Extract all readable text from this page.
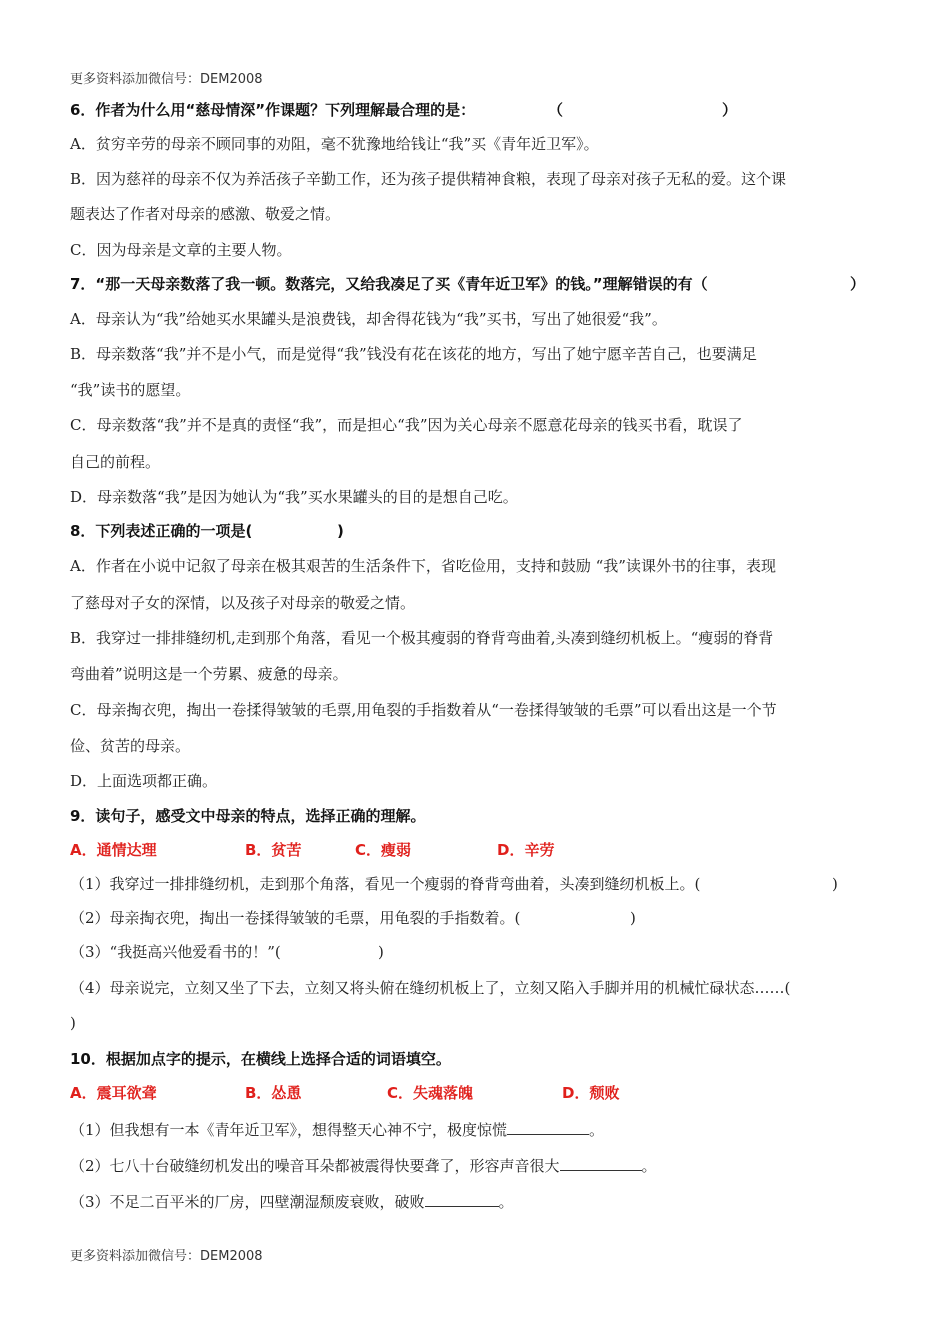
更多资料添加微信号：DEM2008
6．作者为什么用“慈母情深”作课题？下列理解最合理的是：	（	）
A．贫穷辛劳的母亲不顾同事的劝阻，毫不犹豫地给钱让“我”买《青年近卫军》。
B．因为慈祥的母亲不仅为养活孩子辛勤工作，还为孩子提供精神食粮，表现了母亲对孩子无私的爱。这个课
题表达了作者对母亲的感激、敬爱之情。
C．因为母亲是文章的主要人物。
7．“那一天母亲数落了我一顿。数落完，又给我凑足了买《青年近卫军》的钱。”理解错误的有（	）
A．母亲认为“我”给她买水果罐头是浪费钱，却舍得花钱为“我”买书，写出了她很爱“我”。
B．母亲数落“我”并不是小气，而是觉得“我”钱没有花在该花的地方，写出了她宁愿辛苦自己，也要满足
“我”读书的愿望。
C．母亲数落“我”并不是真的责怪“我”，而是担心“我”因为关心母亲不愿意花母亲的钱买书看，耽误了
自己的前程。
D．母亲数落“我”是因为她认为“我”买水果罐头的目的是想自己吃。
8．下列表述正确的一项是(	)
A．作者在小说中记叙了母亲在极其艰苦的生活条件下，省吃俭用，支持和鼓励 “我”读课外书的往事，表现
了慈母对子女的深情，以及孩子对母亲的敬爱之情。
B．我穿过一排排缝纫机,走到那个角落，看见一个极其瘦弱的脊背弯曲着,头凑到缝纫机板上。“瘦弱的脊背
弯曲着”说明这是一个劳累、疲惫的母亲。
C．母亲掏衣兜，掏出一卷揉得皱皱的毛票,用龟裂的手指数着从“一卷揉得皱皱的毛票”可以看出这是一个节
俭、贫苦的母亲。
D．上面选项都正确。
9．读句子，感受文中母亲的特点，选择正确的理解。
A．通情达理	B．贫苦	C．瘦弱	D．辛劳
（1）我穿过一排排缝纫机，走到那个角落，看见一个瘦弱的脊背弯曲着，头凑到缝纫机板上。(	)
（2）母亲掏衣兜，掏出一卷揉得皱皱的毛票，用龟裂的手指数着。(	)
（3）“我挺高兴他爱看书的！”(	)
（4）母亲说完，立刻又坐了下去，立刻又将头俯在缝纫机板上了，立刻又陷入手脚并用的机械忙碌状态……(
)
10．根据加点字的提示，在横线上选择合适的词语填空。
A．震耳欲聋	B．怂恿	C．失魂落魄	D．颓败
（1）但我想有一本《青年近卫军》，想得整天心神不宁，极度惊慌	。
（2）七八十台破缝纫机发出的噪音耳朵都被震得快要聋了，形容声音很大	。
（3）不足二百平米的厂房，四壁潮湿颓废衰败，破败	。
更多资料添加微信号：DEM2008
